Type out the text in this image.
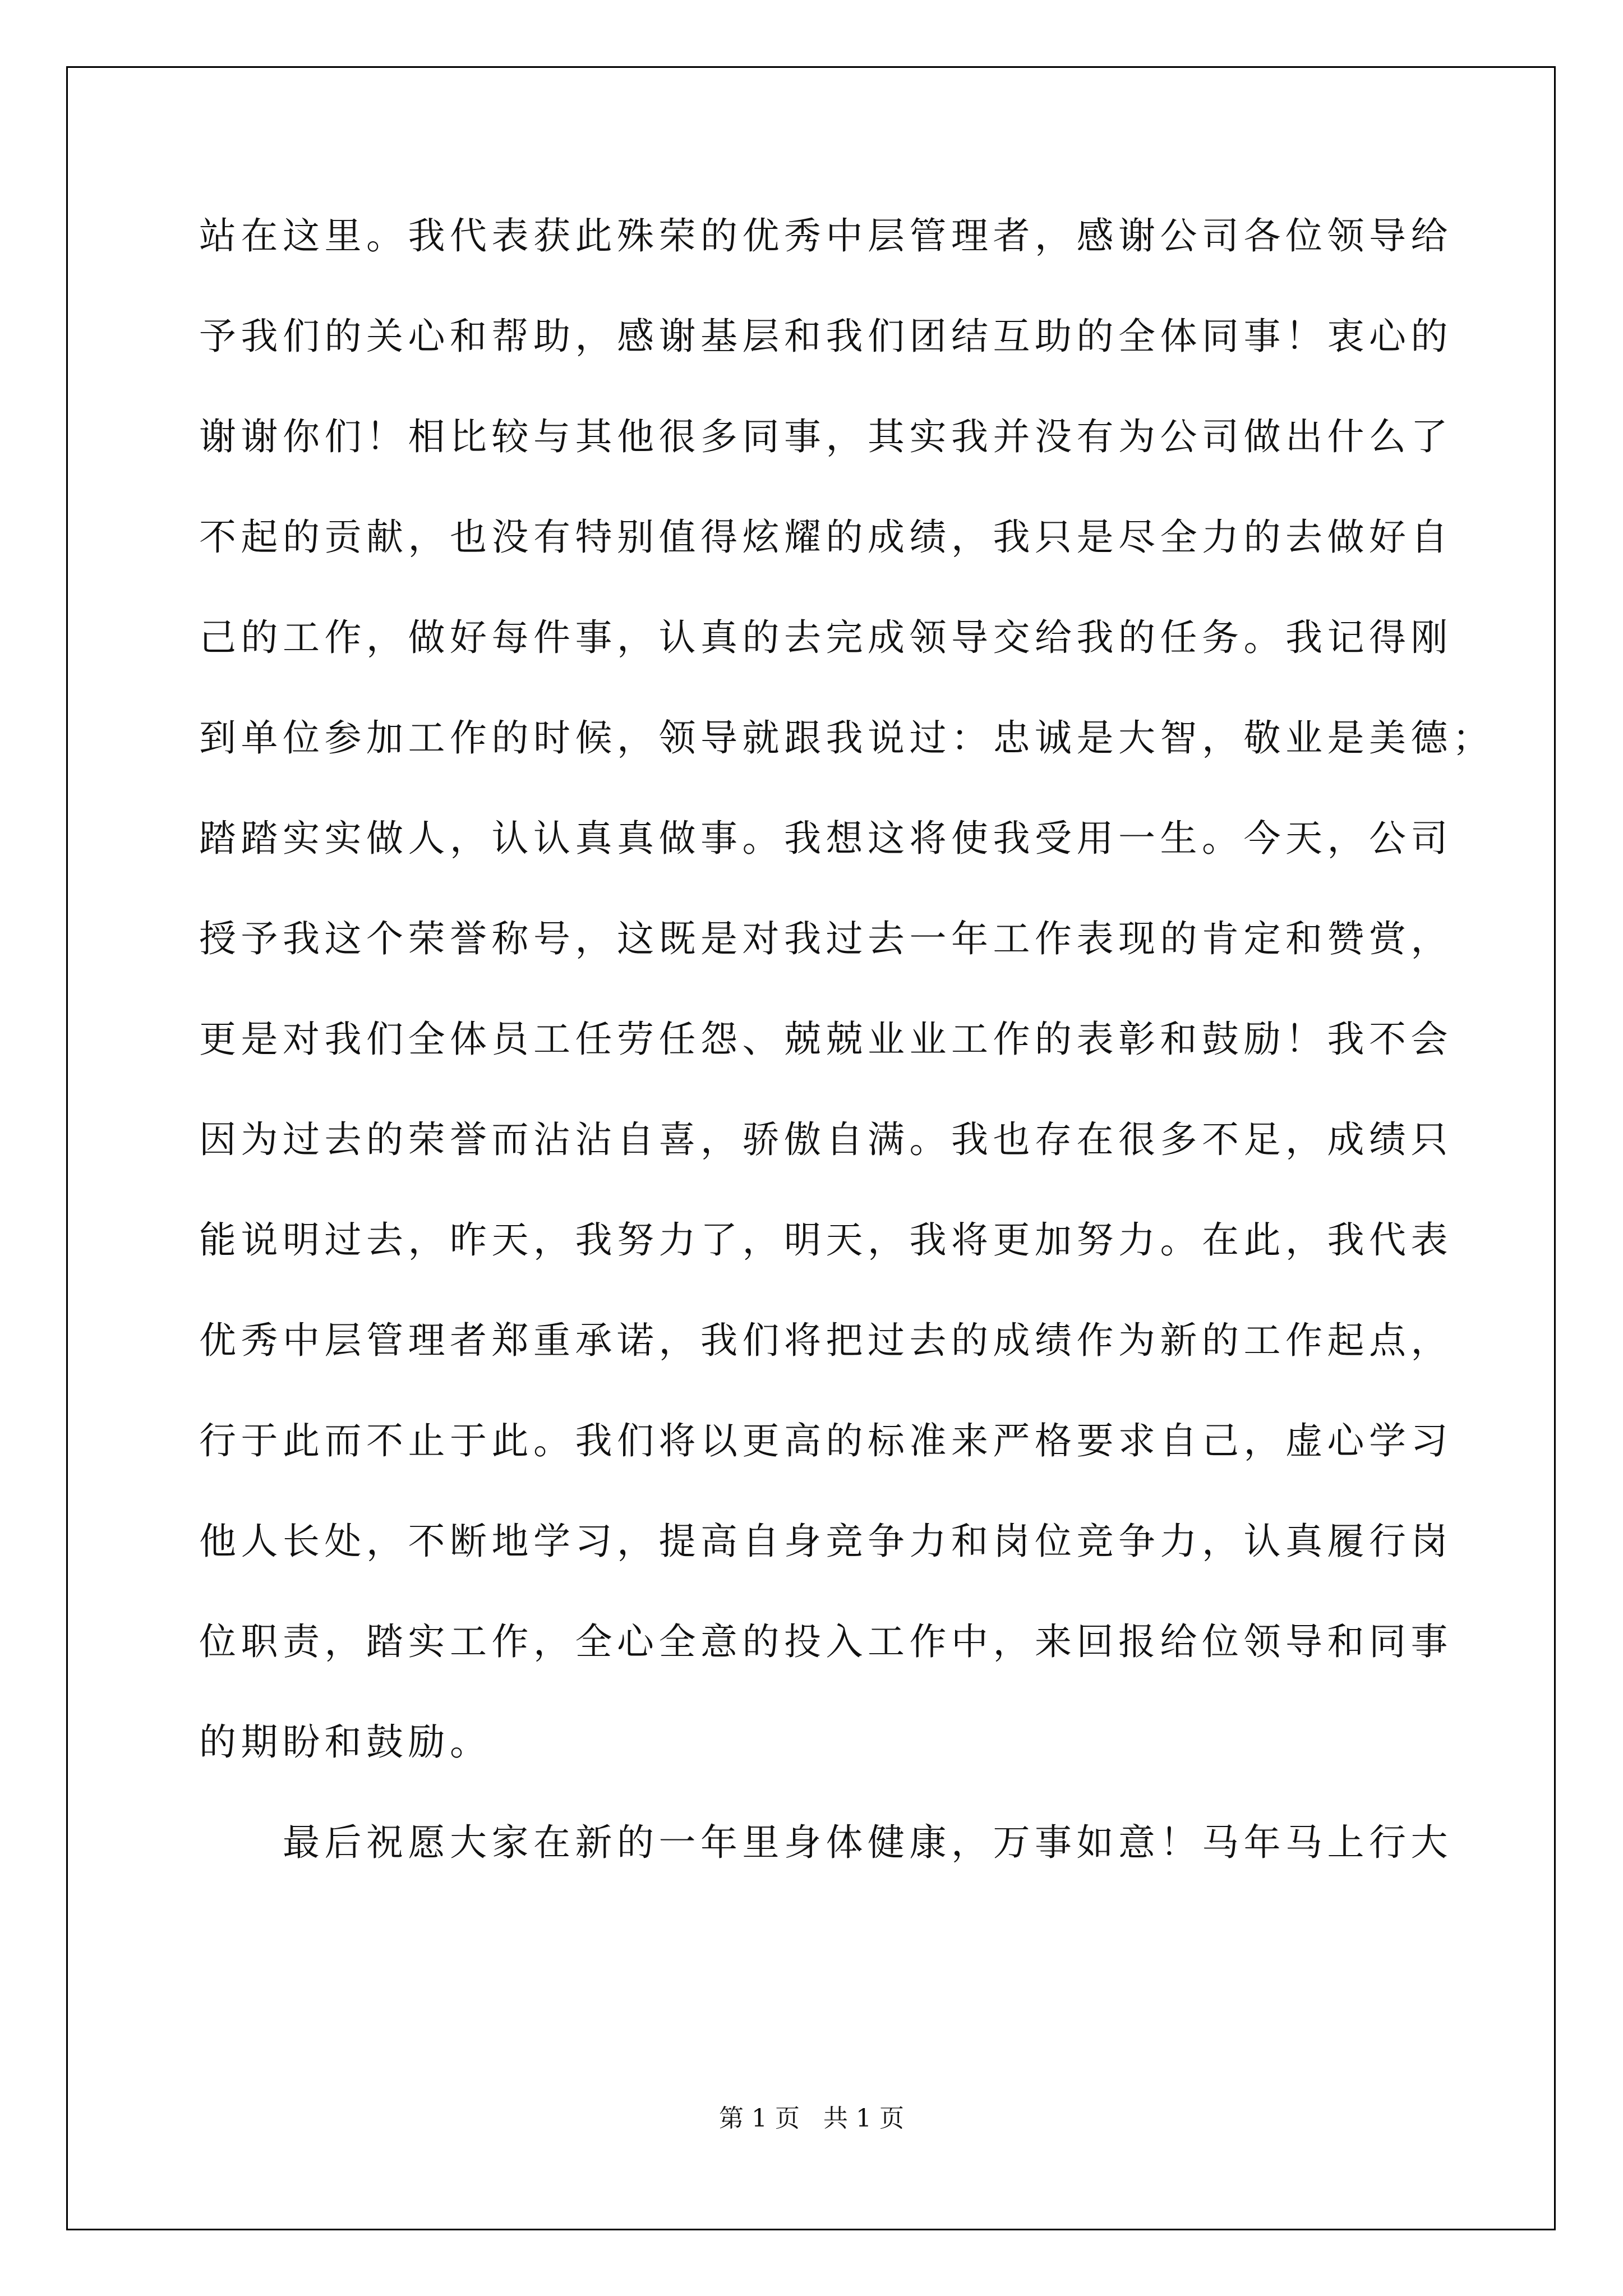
站在这里。我代表获此殊荣的优秀中层管理者，感谢公司各位领导给
予我们的关心和帮助，感谢基层和我们团结互助的全体同事！衷心的
谢谢你们！相比较与其他很多同事，其实我并没有为公司做出什么了
不起的贡献，也没有特别值得炫耀的成绩，我只是尽全力的去做好自
己的工作，做好每件事，认真的去完成领导交给我的任务。我记得刚
到单位参加工作的时候，领导就跟我说过：忠诚是大智，敬业是美德；
踏踏实实做人，认认真真做事。我想这将使我受用一生。今天，公司
授予我这个荣誉称号，这既是对我过去一年工作表现的肯定和赞赏，
更是对我们全体员工任劳任怨、兢兢业业工作的表彰和鼓励！我不会
因为过去的荣誉而沾沾自喜，骄傲自满。我也存在很多不足，成绩只
能说明过去，昨天，我努力了，明天，我将更加努力。在此，我代表
优秀中层管理者郑重承诺，我们将把过去的成绩作为新的工作起点，
行于此而不止于此。我们将以更高的标准来严格要求自己，虚心学习
他人长处，不断地学习，提高自身竞争力和岗位竞争力，认真履行岗
位职责，踏实工作，全心全意的投入工作中，来回报给位领导和同事
的期盼和鼓励。
最后祝愿大家在新的一年里身体健康，万事如意！马年马上行大
第 1 页   共 1 页
